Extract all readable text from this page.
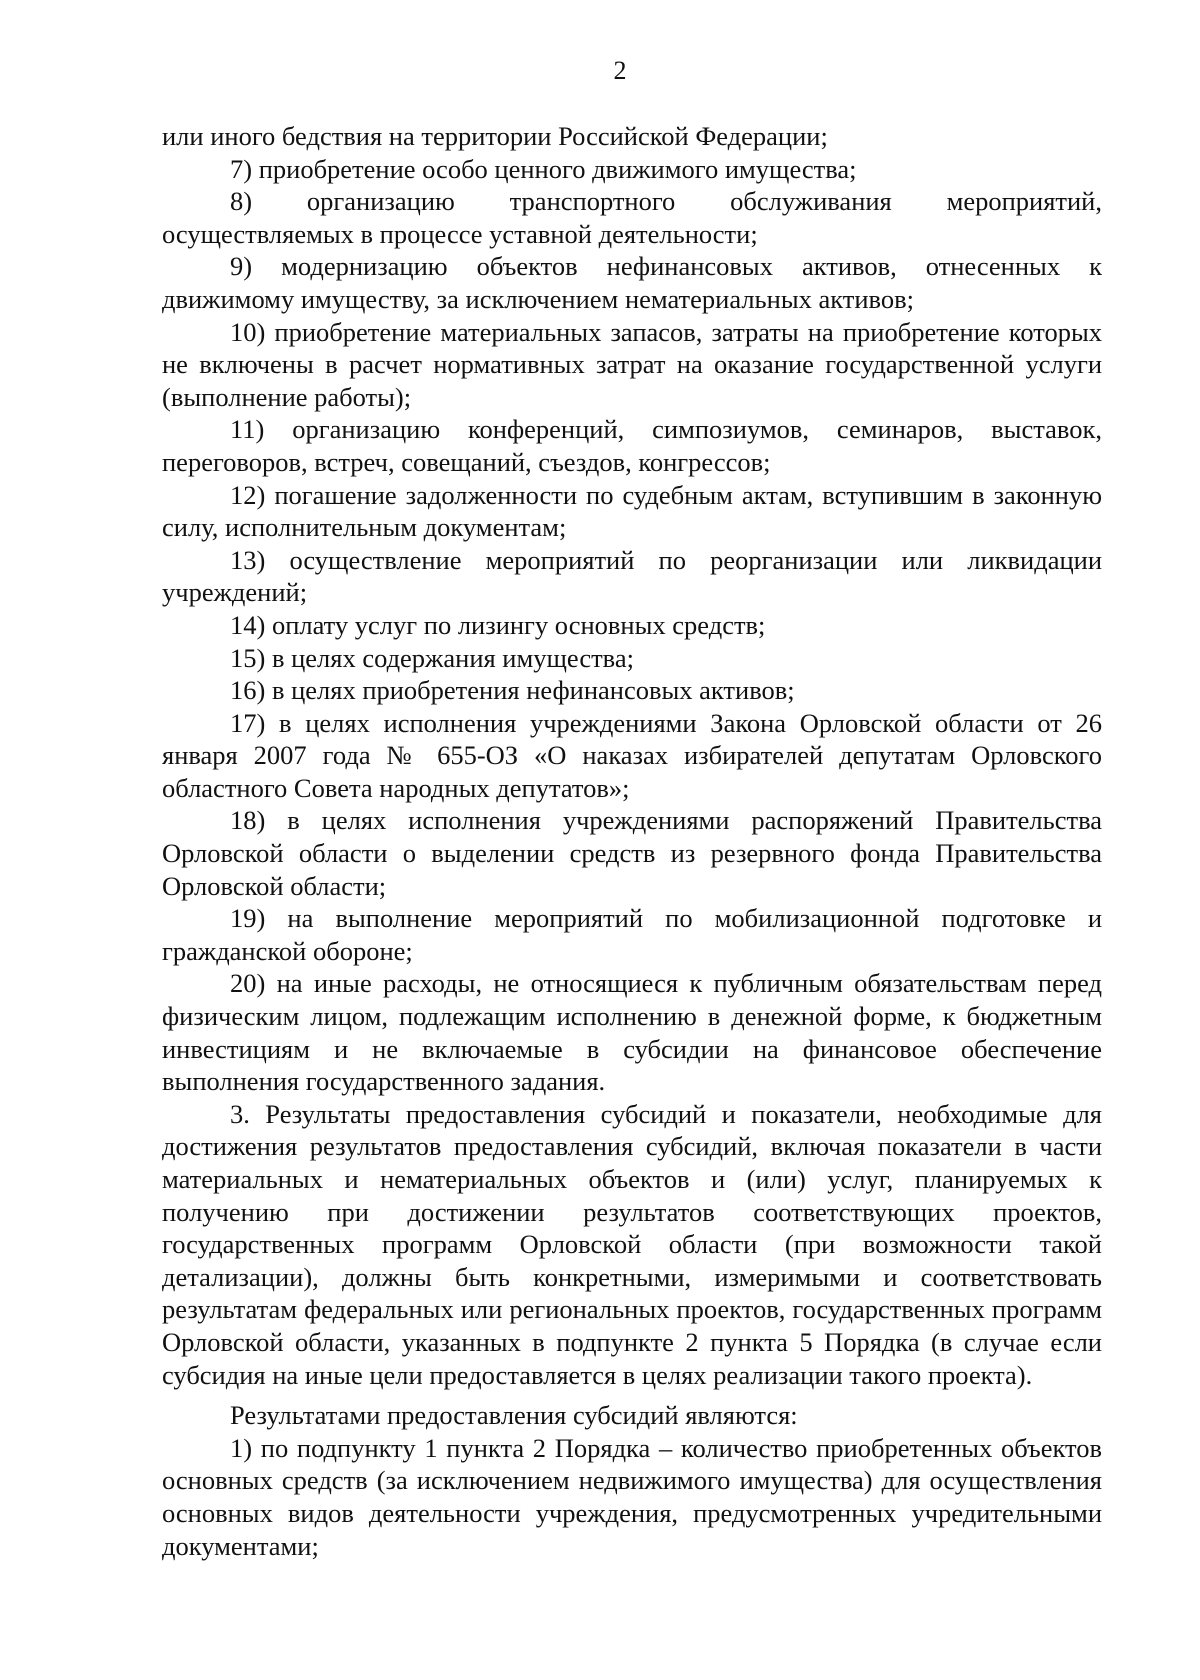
2

или иного бедствия на территории Российской Федерации;

7) приобретение особо ценного движимого имущества;

8) организацию транспортного обслуживания мероприятий, осуществляемых в процессе уставной деятельности;

9) модернизацию объектов нефинансовых активов, отнесенных к движимому имуществу, за исключением нематериальных активов;

10) приобретение материальных запасов, затраты на приобретение которых не включены в расчет нормативных затрат на оказание государственной услуги (выполнение работы);

11) организацию конференций, симпозиумов, семинаров, выставок, переговоров, встреч, совещаний, съездов, конгрессов;

12) погашение задолженности по судебным актам, вступившим в законную силу, исполнительным документам;

13) осуществление мероприятий по реорганизации или ликвидации учреждений;

14) оплату услуг по лизингу основных средств;

15) в целях содержания имущества;

16) в целях приобретения нефинансовых активов;

17) в целях исполнения учреждениями Закона Орловской области от 26 января 2007 года № 655-ОЗ «О наказах избирателей депутатам Орловского областного Совета народных депутатов»;

18) в целях исполнения учреждениями распоряжений Правительства Орловской области о выделении средств из резервного фонда Правительства Орловской области;

19) на выполнение мероприятий по мобилизационной подготовке и гражданской обороне;

20) на иные расходы, не относящиеся к публичным обязательствам перед физическим лицом, подлежащим исполнению в денежной форме, к бюджетным инвестициям и не включаемые в субсидии на финансовое обеспечение выполнения государственного задания.

3. Результаты предоставления субсидий и показатели, необходимые для достижения результатов предоставления субсидий, включая показатели в части материальных и нематериальных объектов и (или) услуг, планируемых к получению при достижении результатов соответствующих проектов, государственных программ Орловской области (при возможности такой детализации), должны быть конкретными, измеримыми и соответствовать результатам федеральных или региональных проектов, государственных программ Орловской области, указанных в подпункте 2 пункта 5 Порядка (в случае если субсидия на иные цели предоставляется в целях реализации такого проекта).

Результатами предоставления субсидий являются:

1) по подпункту 1 пункта 2 Порядка – количество приобретенных объектов основных средств (за исключением недвижимого имущества) для осуществления основных видов деятельности учреждения, предусмотренных учредительными документами;
